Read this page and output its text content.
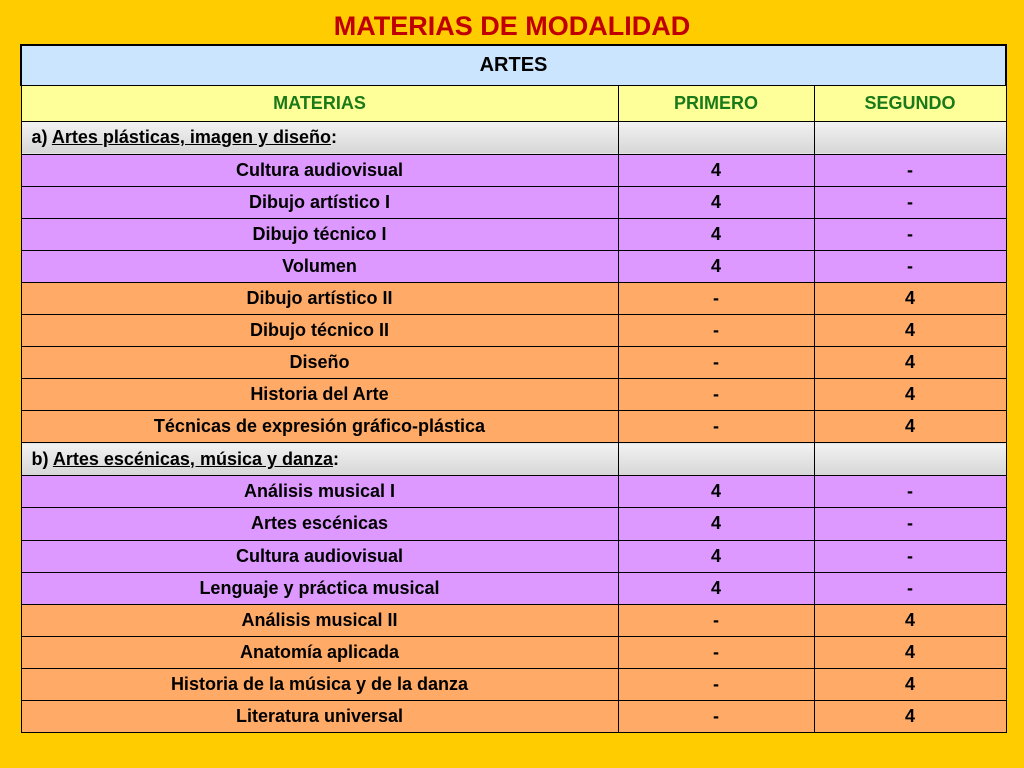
MATERIAS DE MODALIDAD
ARTES		
MATERIAS	PRIMERO	SEGUNDO
a) Artes plásticas, imagen y diseño:		
Cultura audiovisual	4	-
Dibujo artístico I	4	-
Dibujo técnico I	4	-
Volumen	4	-
Dibujo artístico II	-	4
Dibujo técnico II	-	4
Diseño	-	4
Historia del Arte	-	4
Técnicas de expresión gráfico-plástica	-	4
b) Artes escénicas, música y danza:		
Análisis musical I	4	-
Artes escénicas	4	-
Cultura audiovisual	4	-
Lenguaje y práctica musical	4	-
Análisis musical II	-	4
Anatomía aplicada	-	4
Historia de la música y de la danza	-	4
Literatura universal	-	4
